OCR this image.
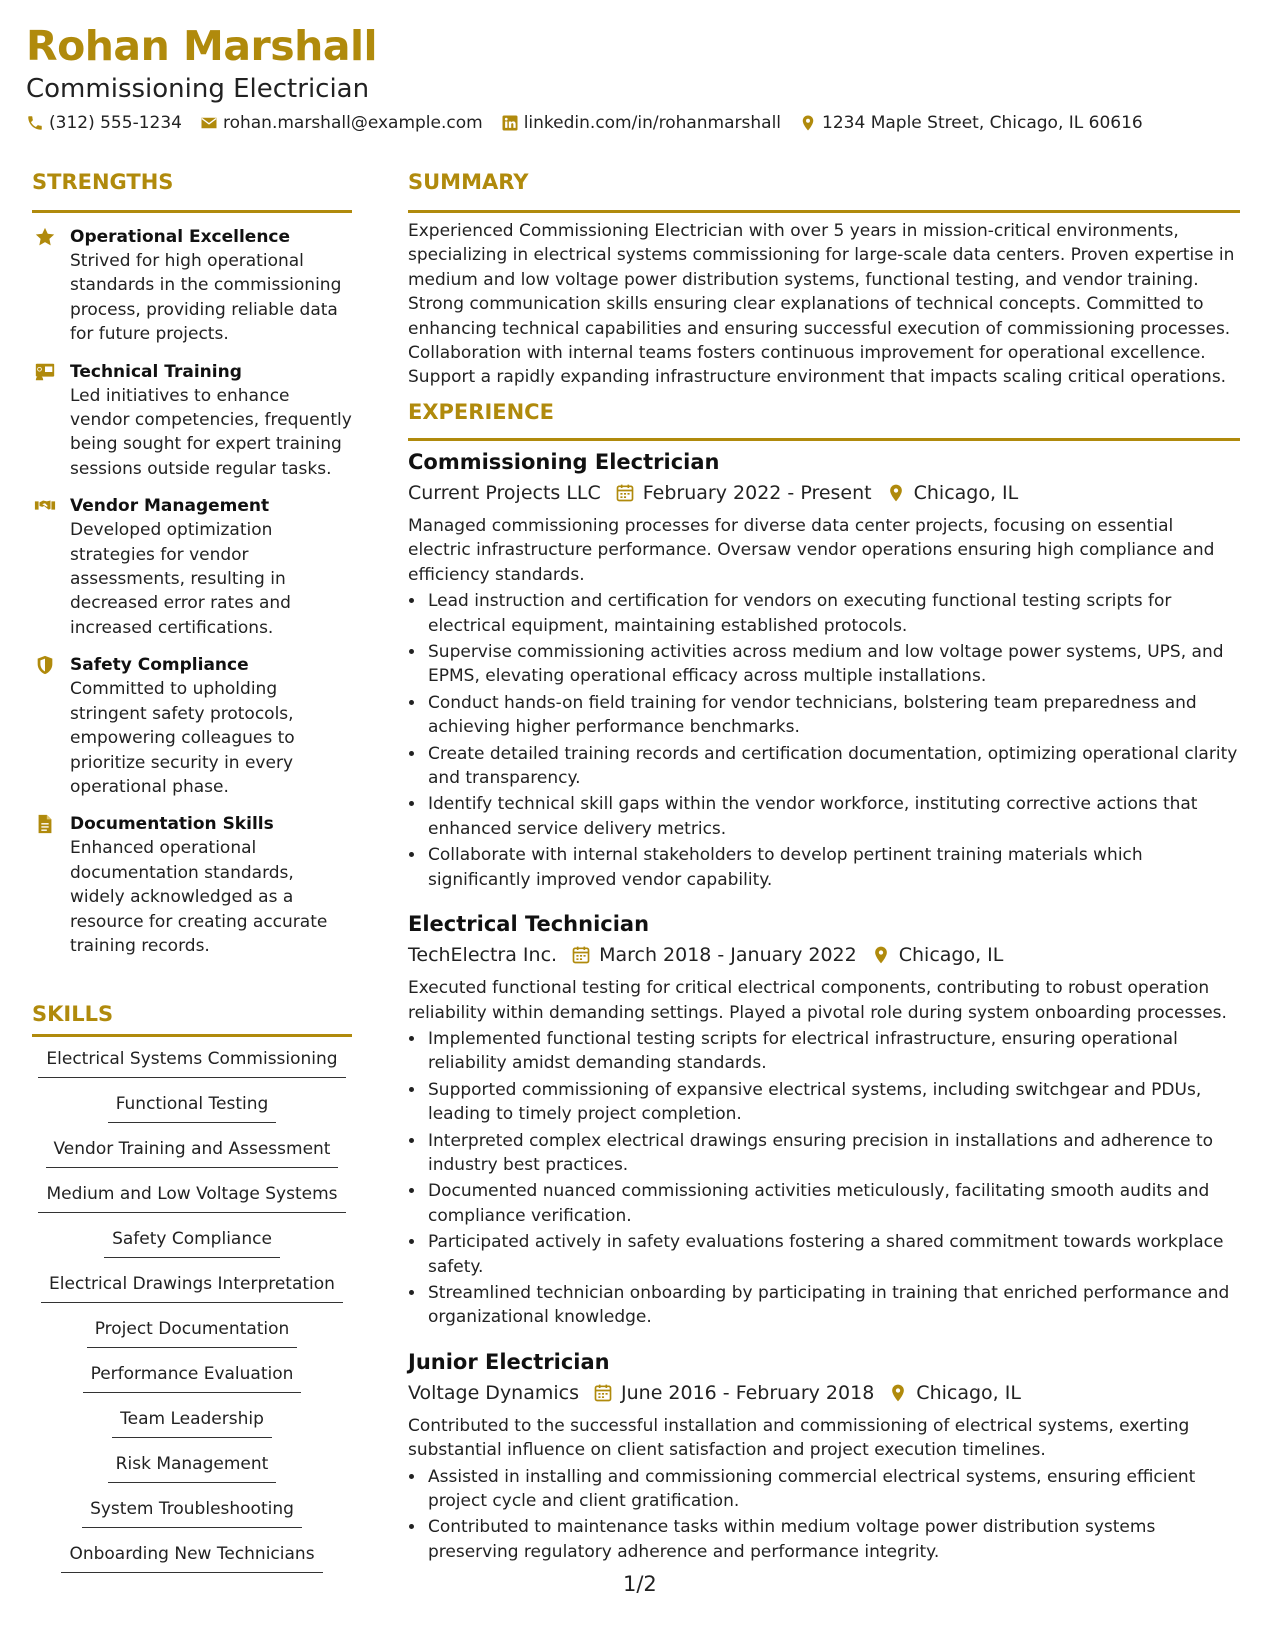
Rohan Marshall
Commissioning Electrician
(312) 555-1234 rohan.marshall@example.com linkedin.com/in/rohanmarshall 1234 Maple Street, Chicago, IL 60616
STRENGTHS
Operational Excellence
Strived for high operational standards in the commissioning process, providing reliable data for future projects.
Technical Training
Led initiatives to enhance vendor competencies, frequently being sought for expert training sessions outside regular tasks.
Vendor Management
Developed optimization strategies for vendor assessments, resulting in decreased error rates and increased certifications.
Safety Compliance
Committed to upholding stringent safety protocols, empowering colleagues to prioritize security in every operational phase.
Documentation Skills
Enhanced operational documentation standards, widely acknowledged as a resource for creating accurate training records.
SKILLS
Electrical Systems Commissioning
Functional Testing
Vendor Training and Assessment
Medium and Low Voltage Systems
Safety Compliance
Electrical Drawings Interpretation
Project Documentation
Performance Evaluation
Team Leadership
Risk Management
System Troubleshooting
Onboarding New Technicians
SUMMARY
Experienced Commissioning Electrician with over 5 years in mission-critical environments, specializing in electrical systems commissioning for large-scale data centers. Proven expertise in medium and low voltage power distribution systems, functional testing, and vendor training. Strong communication skills ensuring clear explanations of technical concepts. Committed to enhancing technical capabilities and ensuring successful execution of commissioning processes. Collaboration with internal teams fosters continuous improvement for operational excellence. Support a rapidly expanding infrastructure environment that impacts scaling critical operations.
EXPERIENCE
Commissioning Electrician
Current Projects LLC February 2022 - Present Chicago, IL
Managed commissioning processes for diverse data center projects, focusing on essential electric infrastructure performance. Oversaw vendor operations ensuring high compliance and efficiency standards.
• Lead instruction and certification for vendors on executing functional testing scripts for electrical equipment, maintaining established protocols.
• Supervise commissioning activities across medium and low voltage power systems, UPS, and EPMS, elevating operational efficacy across multiple installations.
• Conduct hands-on field training for vendor technicians, bolstering team preparedness and achieving higher performance benchmarks.
• Create detailed training records and certification documentation, optimizing operational clarity and transparency.
• Identify technical skill gaps within the vendor workforce, instituting corrective actions that enhanced service delivery metrics.
• Collaborate with internal stakeholders to develop pertinent training materials which significantly improved vendor capability.
Electrical Technician
TechElectra Inc. March 2018 - January 2022 Chicago, IL
Executed functional testing for critical electrical components, contributing to robust operation reliability within demanding settings. Played a pivotal role during system onboarding processes.
• Implemented functional testing scripts for electrical infrastructure, ensuring operational reliability amidst demanding standards.
• Supported commissioning of expansive electrical systems, including switchgear and PDUs, leading to timely project completion.
• Interpreted complex electrical drawings ensuring precision in installations and adherence to industry best practices.
• Documented nuanced commissioning activities meticulously, facilitating smooth audits and compliance verification.
• Participated actively in safety evaluations fostering a shared commitment towards workplace safety.
• Streamlined technician onboarding by participating in training that enriched performance and organizational knowledge.
Junior Electrician
Voltage Dynamics June 2016 - February 2018 Chicago, IL
Contributed to the successful installation and commissioning of electrical systems, exerting substantial influence on client satisfaction and project execution timelines.
• Assisted in installing and commissioning commercial electrical systems, ensuring efficient project cycle and client gratification.
• Contributed to maintenance tasks within medium voltage power distribution systems preserving regulatory adherence and performance integrity.
1/2
